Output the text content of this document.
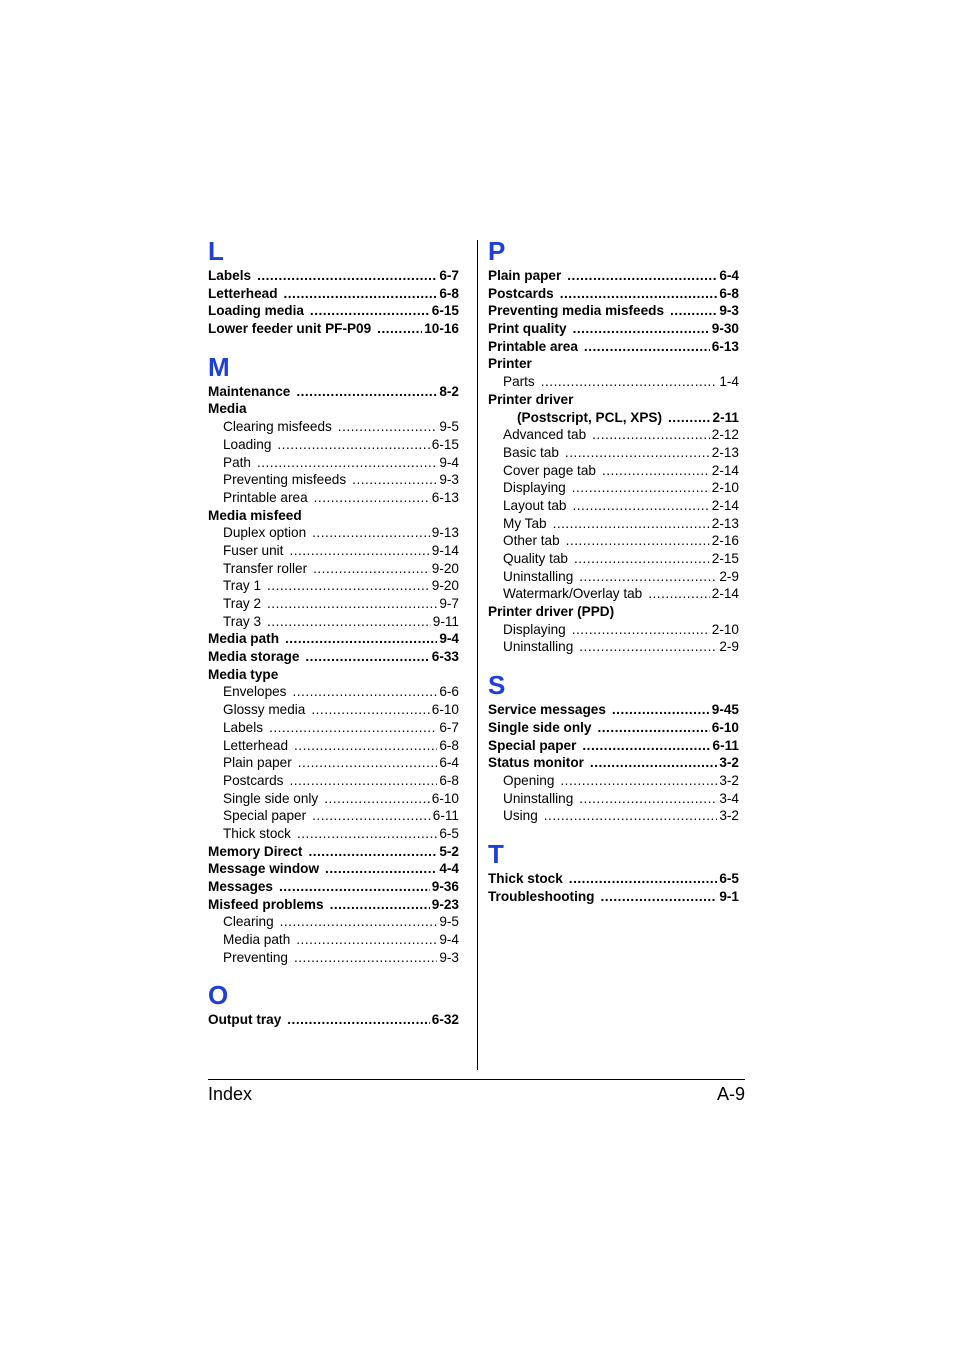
L
Labels .....	6-7
Letterhead .....	6-8
Loading media .....	6-15
Lower feeder unit PF-P09 .....	10-16
M
Maintenance .....	8-2
Media
Clearing misfeeds .....	9-5
Loading .....	6-15
Path .....	9-4
Preventing misfeeds .....	9-3
Printable area .....	6-13
Media misfeed
Duplex option .....	9-13
Fuser unit .....	9-14
Transfer roller .....	9-20
Tray 1 .....	9-20
Tray 2 .....	9-7
Tray 3 .....	9-11
Media path .....	9-4
Media storage .....	6-33
Media type
Envelopes .....	6-6
Glossy media .....	6-10
Labels .....	6-7
Letterhead .....	6-8
Plain paper .....	6-4
Postcards .....	6-8
Single side only .....	6-10
Special paper .....	6-11
Thick stock .....	6-5
Memory Direct .....	5-2
Message window .....	4-4
Messages .....	9-36
Misfeed problems .....	9-23
Clearing .....	9-5
Media path .....	9-4
Preventing .....	9-3
O
Output tray .....	6-32
P
Plain paper .....	6-4
Postcards .....	6-8
Preventing media misfeeds .....	9-3
Print quality .....	9-30
Printable area .....	6-13
Printer
Parts .....	1-4
Printer driver
(Postscript, PCL, XPS) .....	2-11
Advanced tab .....	2-12
Basic tab .....	2-13
Cover page tab .....	2-14
Displaying .....	2-10
Layout tab .....	2-14
My Tab .....	2-13
Other tab .....	2-16
Quality tab .....	2-15
Uninstalling .....	2-9
Watermark/Overlay tab .....	2-14
Printer driver (PPD)
Displaying .....	2-10
Uninstalling .....	2-9
S
Service messages .....	9-45
Single side only .....	6-10
Special paper .....	6-11
Status monitor .....	3-2
Opening .....	3-2
Uninstalling .....	3-4
Using .....	3-2
T
Thick stock .....	6-5
Troubleshooting .....	9-1
Index	A-9
